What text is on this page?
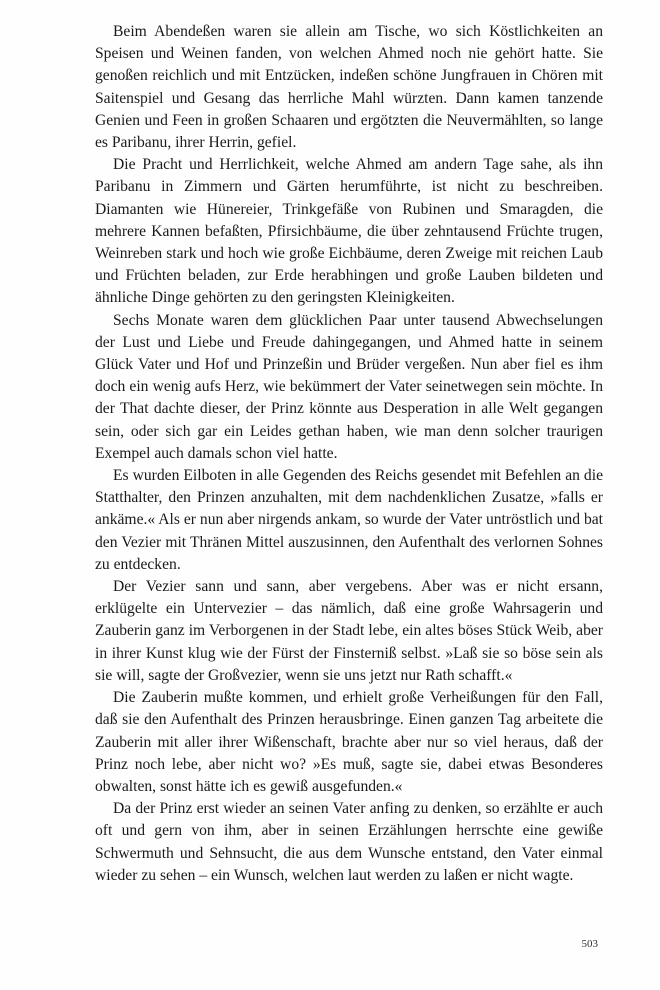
Beim Abendeßen waren sie allein am Tische, wo sich Köstlichkeiten an Speisen und Weinen fanden, von welchen Ahmed noch nie gehört hatte. Sie genoßen reichlich und mit Entzücken, indeßen schöne Jungfrauen in Chören mit Saitenspiel und Gesang das herrliche Mahl würzten. Dann kamen tanzende Genien und Feen in großen Schaaren und ergötzten die Neuvermählten, so lange es Paribanu, ihrer Herrin, gefiel.

Die Pracht und Herrlichkeit, welche Ahmed am andern Tage sahe, als ihn Paribanu in Zimmern und Gärten herumführte, ist nicht zu beschreiben. Diamanten wie Hünereier, Trinkgefäße von Rubinen und Smaragden, die mehrere Kannen befaßten, Pfirsichbäume, die über zehntausend Früchte trugen, Weinreben stark und hoch wie große Eichbäume, deren Zweige mit reichen Laub und Früchten beladen, zur Erde herabhingen und große Lauben bildeten und ähnliche Dinge gehörten zu den geringsten Kleinigkeiten.

Sechs Monate waren dem glücklichen Paar unter tausend Abwechselungen der Lust und Liebe und Freude dahingegangen, und Ahmed hatte in seinem Glück Vater und Hof und Prinzeßin und Brüder vergeßen. Nun aber fiel es ihm doch ein wenig aufs Herz, wie bekümmert der Vater seinetwegen sein möchte. In der That dachte dieser, der Prinz könnte aus Desperation in alle Welt gegangen sein, oder sich gar ein Leides gethan haben, wie man denn solcher traurigen Exempel auch damals schon viel hatte.

Es wurden Eilboten in alle Gegenden des Reichs gesendet mit Befehlen an die Statthalter, den Prinzen anzuhalten, mit dem nachdenklichen Zusatze, »falls er ankäme.« Als er nun aber nirgends ankam, so wurde der Vater untröstlich und bat den Vezier mit Thränen Mittel auszusinnen, den Aufenthalt des verlornen Sohnes zu entdecken.

Der Vezier sann und sann, aber vergebens. Aber was er nicht ersann, erklügelte ein Untervezier – das nämlich, daß eine große Wahrsagerin und Zauberin ganz im Verborgenen in der Stadt lebe, ein altes böses Stück Weib, aber in ihrer Kunst klug wie der Fürst der Finsterniß selbst. »Laß sie so böse sein als sie will, sagte der Großvezier, wenn sie uns jetzt nur Rath schafft.«

Die Zauberin mußte kommen, und erhielt große Verheißungen für den Fall, daß sie den Aufenthalt des Prinzen herausbringe. Einen ganzen Tag arbeitete die Zauberin mit aller ihrer Wißenschaft, brachte aber nur so viel heraus, daß der Prinz noch lebe, aber nicht wo? »Es muß, sagte sie, dabei etwas Besonderes obwalten, sonst hätte ich es gewiß ausgefunden.«

Da der Prinz erst wieder an seinen Vater anfing zu denken, so erzählte er auch oft und gern von ihm, aber in seinen Erzählungen herrschte eine gewiße Schwermuth und Sehnsucht, die aus dem Wunsche entstand, den Vater einmal wieder zu sehen – ein Wunsch, welchen laut werden zu laßen er nicht wagte.

503
